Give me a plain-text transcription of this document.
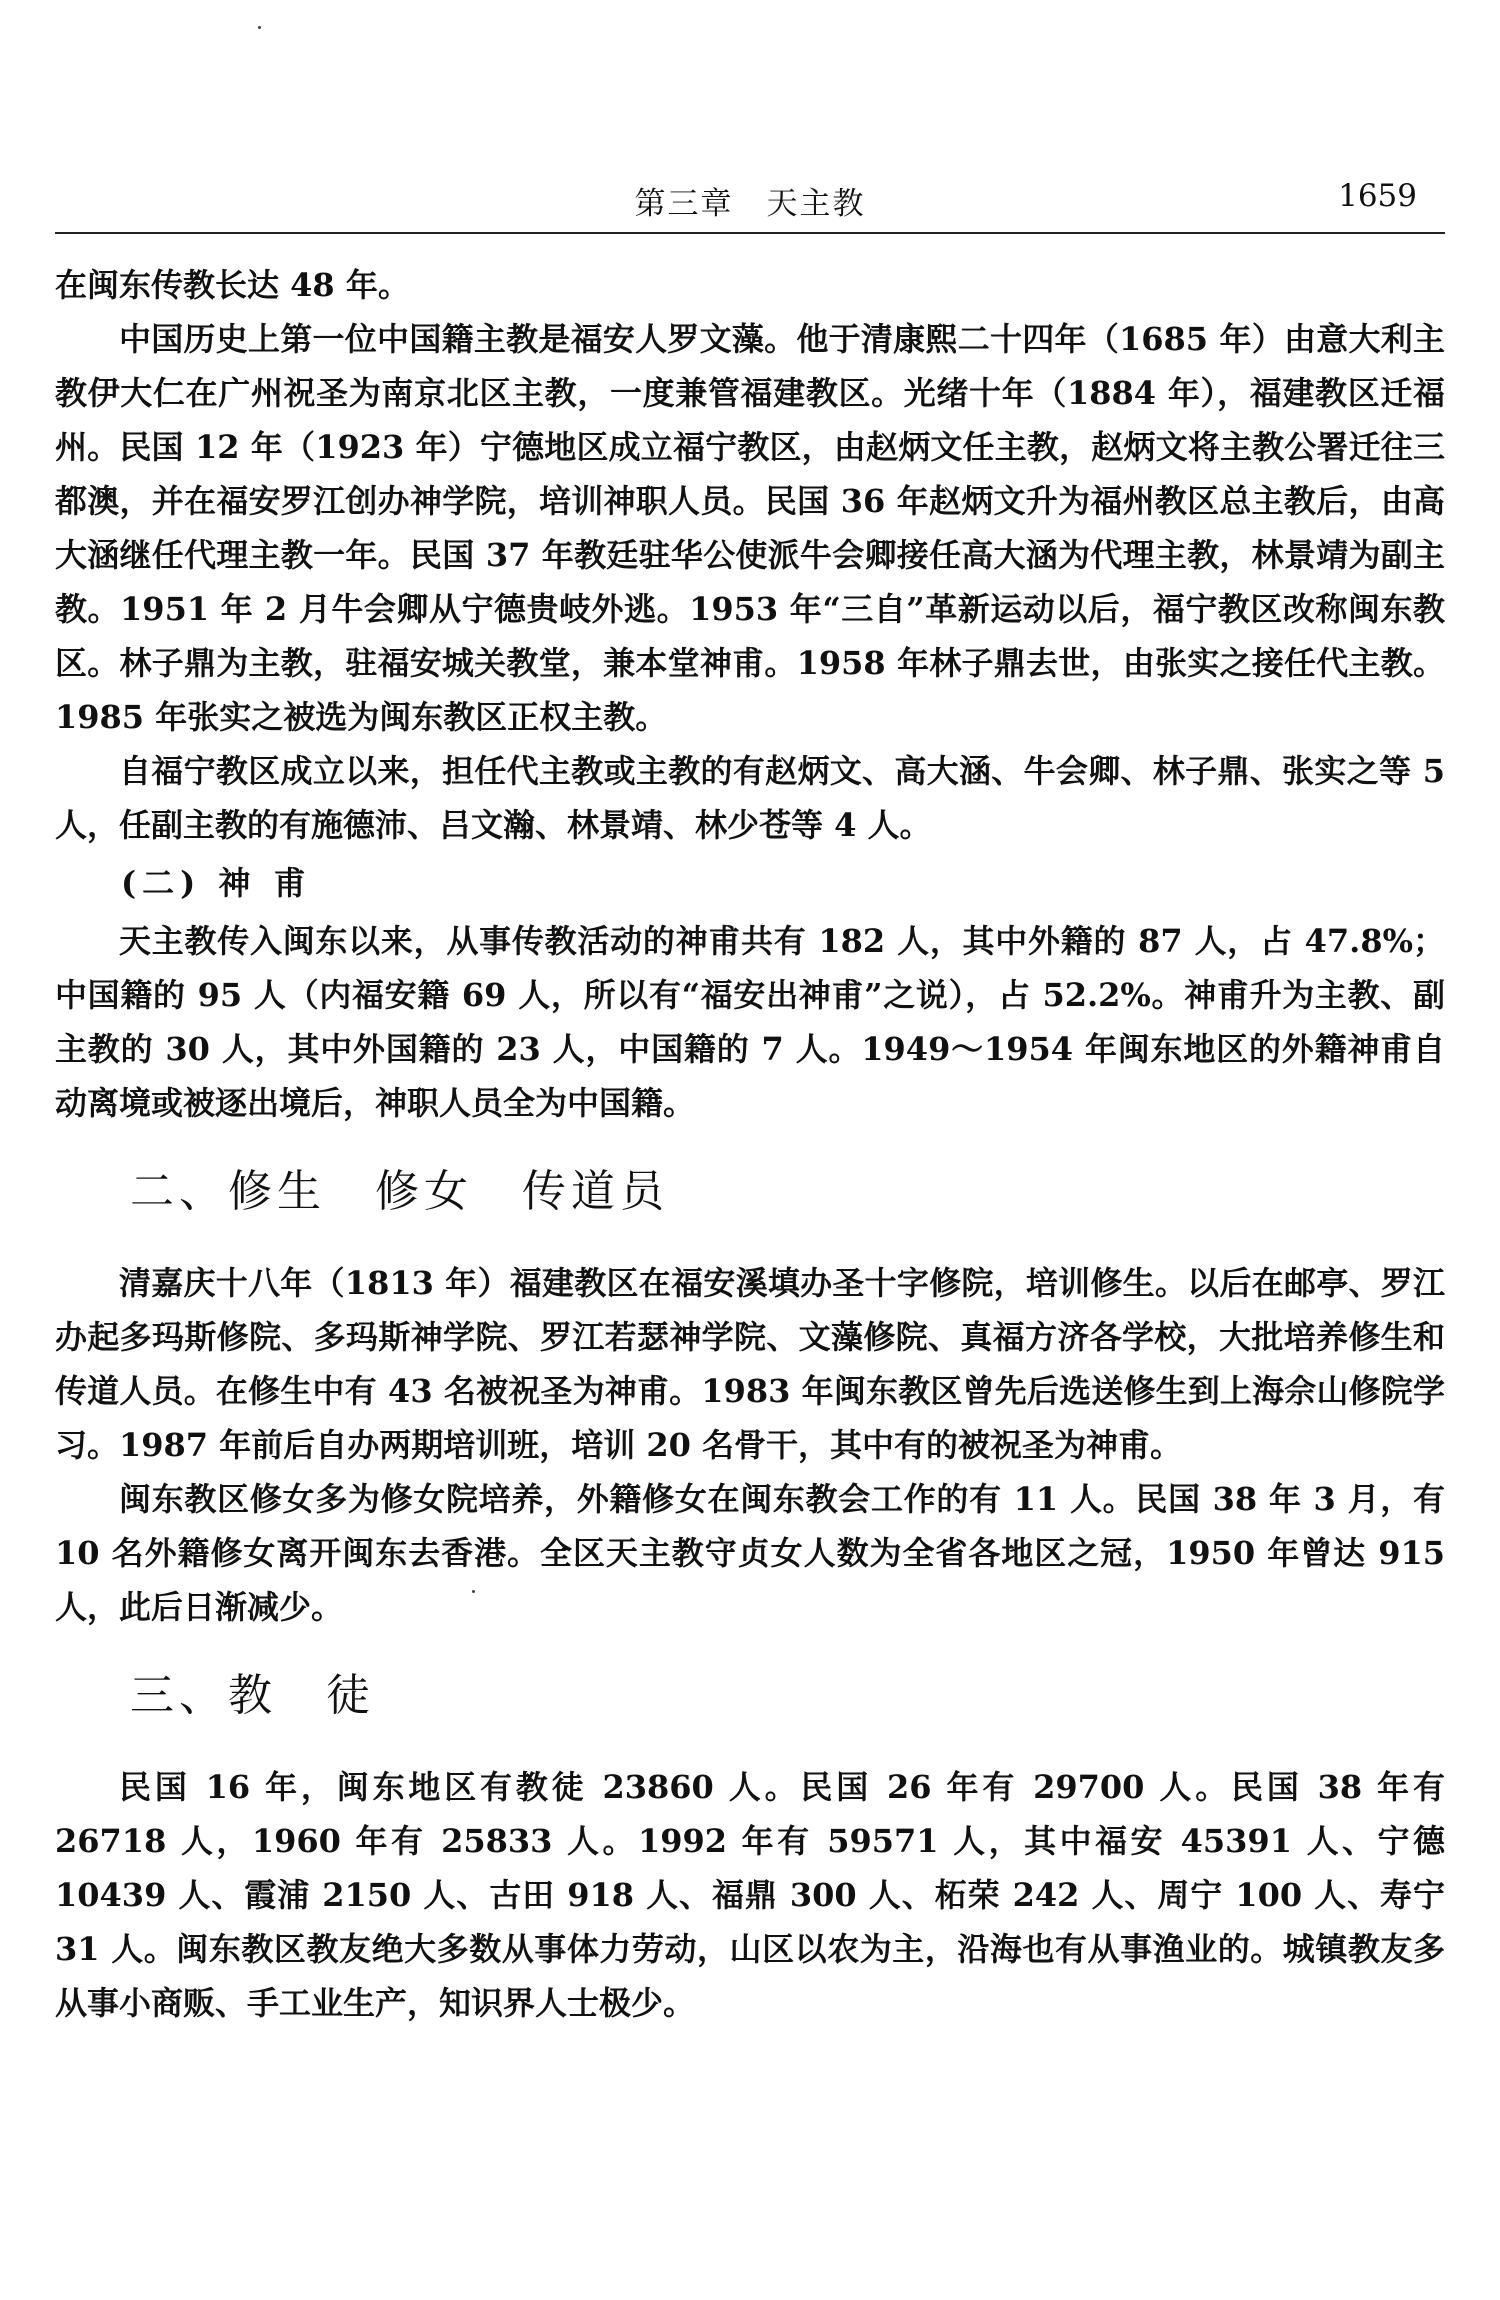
第三章　天主教	1659

在闽东传教长达 48 年。

中国历史上第一位中国籍主教是福安人罗文藻。他于清康熙二十四年（1685 年）由意大利主教伊大仁在广州祝圣为南京北区主教，一度兼管福建教区。光绪十年（1884 年），福建教区迁福州。民国 12 年（1923 年）宁德地区成立福宁教区，由赵炳文任主教，赵炳文将主教公署迁往三都澳，并在福安罗江创办神学院，培训神职人员。民国 36 年赵炳文升为福州教区总主教后，由高大涵继任代理主教一年。民国 37 年教廷驻华公使派牛会卿接任高大涵为代理主教，林景靖为副主教。1951 年 2 月牛会卿从宁德贵岐外逃。1953 年“三自”革新运动以后，福宁教区改称闽东教区。林子鼎为主教，驻福安城关教堂，兼本堂神甫。1958 年林子鼎去世，由张实之接任代主教。1985 年张实之被选为闽东教区正权主教。

自福宁教区成立以来，担任代主教或主教的有赵炳文、高大涵、牛会卿、林子鼎、张实之等 5 人，任副主教的有施德沛、吕文瀚、林景靖、林少苍等 4 人。

(二) 神 甫

天主教传入闽东以来，从事传教活动的神甫共有 182 人，其中外籍的 87 人，占 47.8%；中国籍的 95 人（内福安籍 69 人，所以有“福安出神甫”之说），占 52.2%。神甫升为主教、副主教的 30 人，其中外国籍的 23 人，中国籍的 7 人。1949～1954 年闽东地区的外籍神甫自动离境或被逐出境后，神职人员全为中国籍。

二、修生　修女　传道员

清嘉庆十八年（1813 年）福建教区在福安溪填办圣十字修院，培训修生。以后在邮亭、罗江办起多玛斯修院、多玛斯神学院、罗江若瑟神学院、文藻修院、真福方济各学校，大批培养修生和传道人员。在修生中有 43 名被祝圣为神甫。1983 年闽东教区曾先后选送修生到上海佘山修院学习。1987 年前后自办两期培训班，培训 20 名骨干，其中有的被祝圣为神甫。

闽东教区修女多为修女院培养，外籍修女在闽东教会工作的有 11 人。民国 38 年 3 月，有 10 名外籍修女离开闽东去香港。全区天主教守贞女人数为全省各地区之冠，1950 年曾达 915 人，此后日渐减少。

三、教　徒

民国 16 年，闽东地区有教徒 23860 人。民国 26 年有 29700 人。民国 38 年有 26718 人，1960 年有 25833 人。1992 年有 59571 人，其中福安 45391 人、宁德 10439 人、霞浦 2150 人、古田 918 人、福鼎 300 人、柘荣 242 人、周宁 100 人、寿宁 31 人。闽东教区教友绝大多数从事体力劳动，山区以农为主，沿海也有从事渔业的。城镇教友多从事小商贩、手工业生产，知识界人士极少。
